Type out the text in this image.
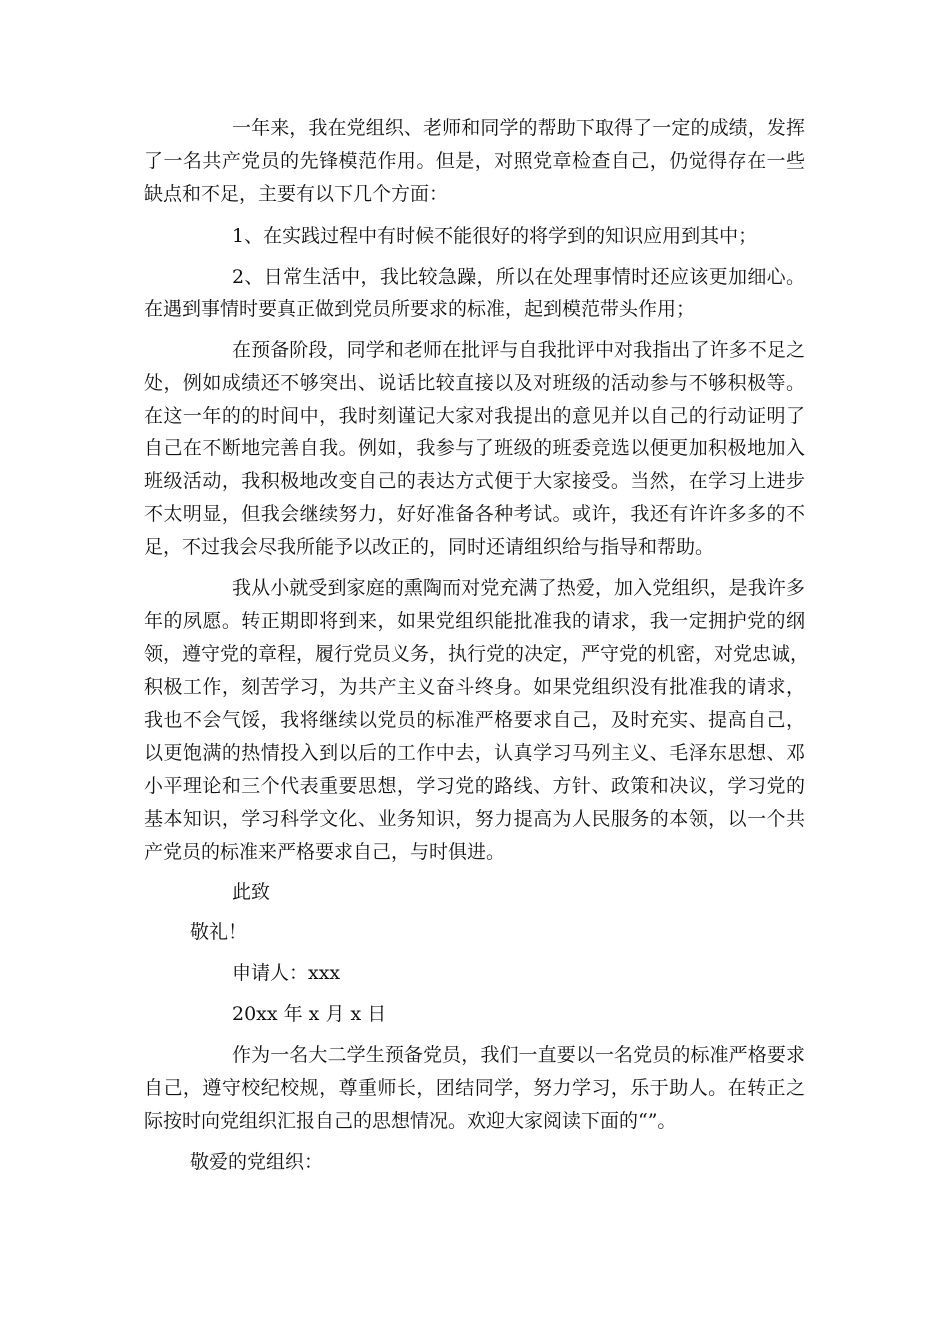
一年来，我在党组织、老师和同学的帮助下取得了一定的成绩，发挥
了一名共产党员的先锋模范作用。但是，对照党章检查自己，仍觉得存在一些
缺点和不足，主要有以下几个方面：
1、在实践过程中有时候不能很好的将学到的知识应用到其中；
2、日常生活中，我比较急躁，所以在处理事情时还应该更加细心。
在遇到事情时要真正做到党员所要求的标准，起到模范带头作用；
在预备阶段，同学和老师在批评与自我批评中对我指出了许多不足之
处，例如成绩还不够突出、说话比较直接以及对班级的活动参与不够积极等。
在这一年的的时间中，我时刻谨记大家对我提出的意见并以自己的行动证明了
自己在不断地完善自我。例如，我参与了班级的班委竞选以便更加积极地加入
班级活动，我积极地改变自己的表达方式便于大家接受。当然，在学习上进步
不太明显，但我会继续努力，好好准备各种考试。或许，我还有许许多多的不
足，不过我会尽我所能予以改正的，同时还请组织给与指导和帮助。
我从小就受到家庭的熏陶而对党充满了热爱，加入党组织，是我许多
年的夙愿。转正期即将到来，如果党组织能批准我的请求，我一定拥护党的纲
领，遵守党的章程，履行党员义务，执行党的决定，严守党的机密，对党忠诚，
积极工作，刻苦学习，为共产主义奋斗终身。如果党组织没有批准我的请求，
我也不会气馁，我将继续以党员的标准严格要求自己，及时充实、提高自己，
以更饱满的热情投入到以后的工作中去，认真学习马列主义、毛泽东思想、邓
小平理论和三个代表重要思想，学习党的路线、方针、政策和决议，学习党的
基本知识，学习科学文化、业务知识，努力提高为人民服务的本领，以一个共
产党员的标准来严格要求自己，与时俱进。
此致
敬礼！
申请人：xxx
20xx 年 x 月 x 日
作为一名大二学生预备党员，我们一直要以一名党员的标准严格要求
自己，遵守校纪校规，尊重师长，团结同学，努力学习，乐于助人。在转正之
际按时向党组织汇报自己的思想情况。欢迎大家阅读下面的“”。
敬爱的党组织：
